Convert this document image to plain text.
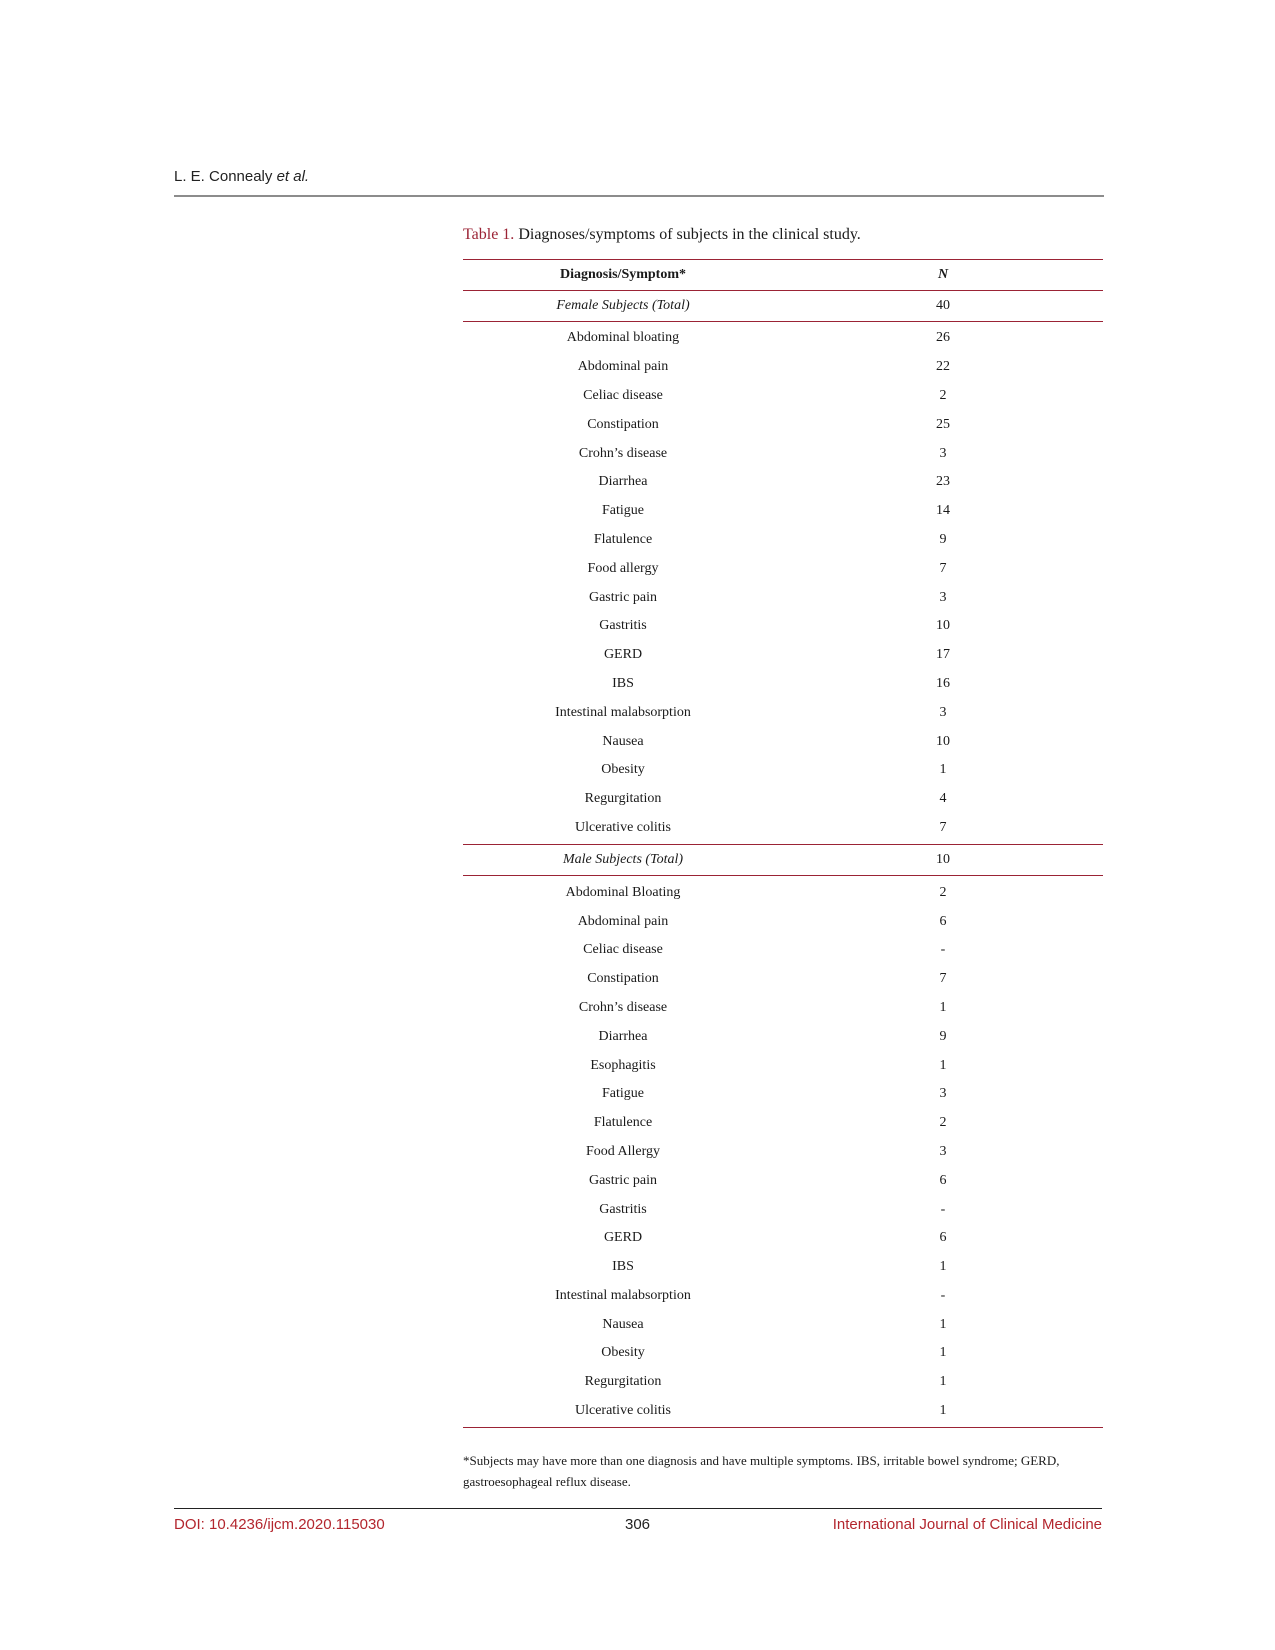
L. E. Connealy et al.
Table 1. Diagnoses/symptoms of subjects in the clinical study.
Diagnosis/Symptom*	N
Female Subjects (Total)	40
Abdominal bloating	26
Abdominal pain	22
Celiac disease	2
Constipation	25
Crohn’s disease	3
Diarrhea	23
Fatigue	14
Flatulence	9
Food allergy	7
Gastric pain	3
Gastritis	10
GERD	17
IBS	16
Intestinal malabsorption	3
Nausea	10
Obesity	1
Regurgitation	4
Ulcerative colitis	7
Male Subjects (Total)	10
Abdominal Bloating	2
Abdominal pain	6
Celiac disease	-
Constipation	7
Crohn’s disease	1
Diarrhea	9
Esophagitis	1
Fatigue	3
Flatulence	2
Food Allergy	3
Gastric pain	6
Gastritis	-
GERD	6
IBS	1
Intestinal malabsorption	-
Nausea	1
Obesity	1
Regurgitation	1
Ulcerative colitis	1
*Subjects may have more than one diagnosis and have multiple symptoms. IBS, irritable bowel syndrome; GERD, gastroesophageal reflux disease.
DOI: 10.4236/ijcm.2020.115030	306	International Journal of Clinical Medicine
